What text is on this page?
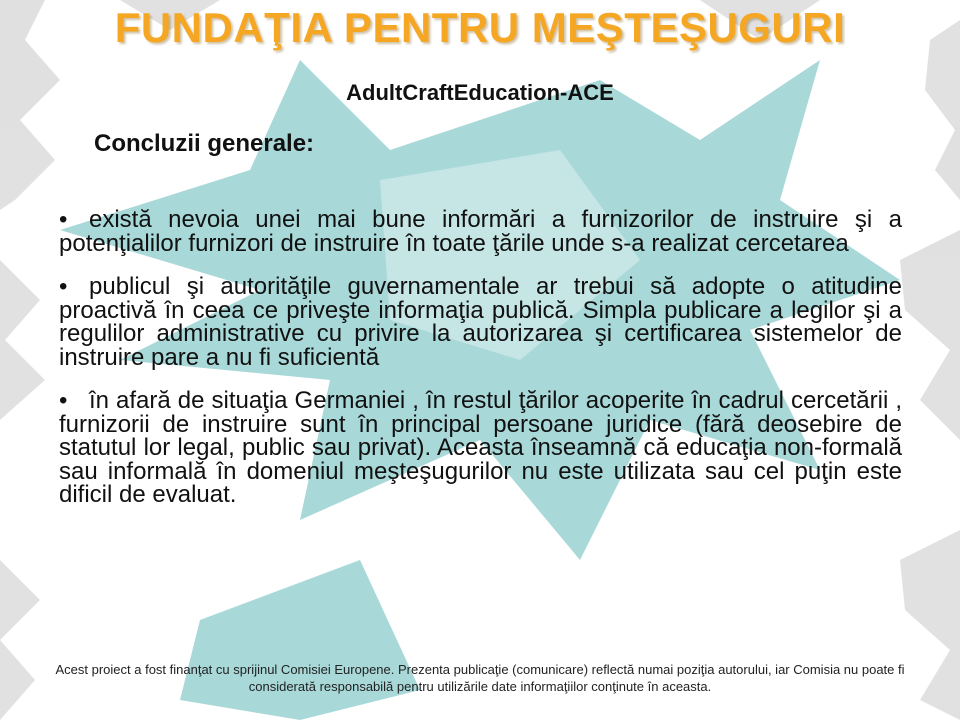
FUNDAŢIA PENTRU MEŞTEŞUGURI
AdultCraftEducation-ACE
Concluzii generale:
• există nevoia unei mai bune informări a furnizorilor de instruire şi a potenţialilor furnizori de instruire în toate ţările unde s-a realizat cercetarea
• publicul şi autorităţile guvernamentale ar trebui să adopte o atitudine proactivă în ceea ce priveşte informaţia publică. Simpla publicare a legilor şi a regulilor administrative cu privire la autorizarea şi certificarea sistemelor de instruire pare a nu fi suficientă
• în afară de situaţia Germaniei , în restul ţărilor acoperite în cadrul cercetării , furnizorii de instruire sunt în principal persoane juridice (fără deosebire de statutul lor legal, public sau privat). Aceasta înseamnă că educaţia non-formală sau informală în domeniul meşteşugurilor nu este utilizata sau cel puţin este dificil de evaluat.

Acest proiect a fost finanţat cu sprijinul Comisiei Europene. Prezenta publicaţie (comunicare) reflectă numai poziţia autorului, iar Comisia nu poate fi considerată responsabilă pentru utilizările date informaţiilor conţinute în aceasta.
